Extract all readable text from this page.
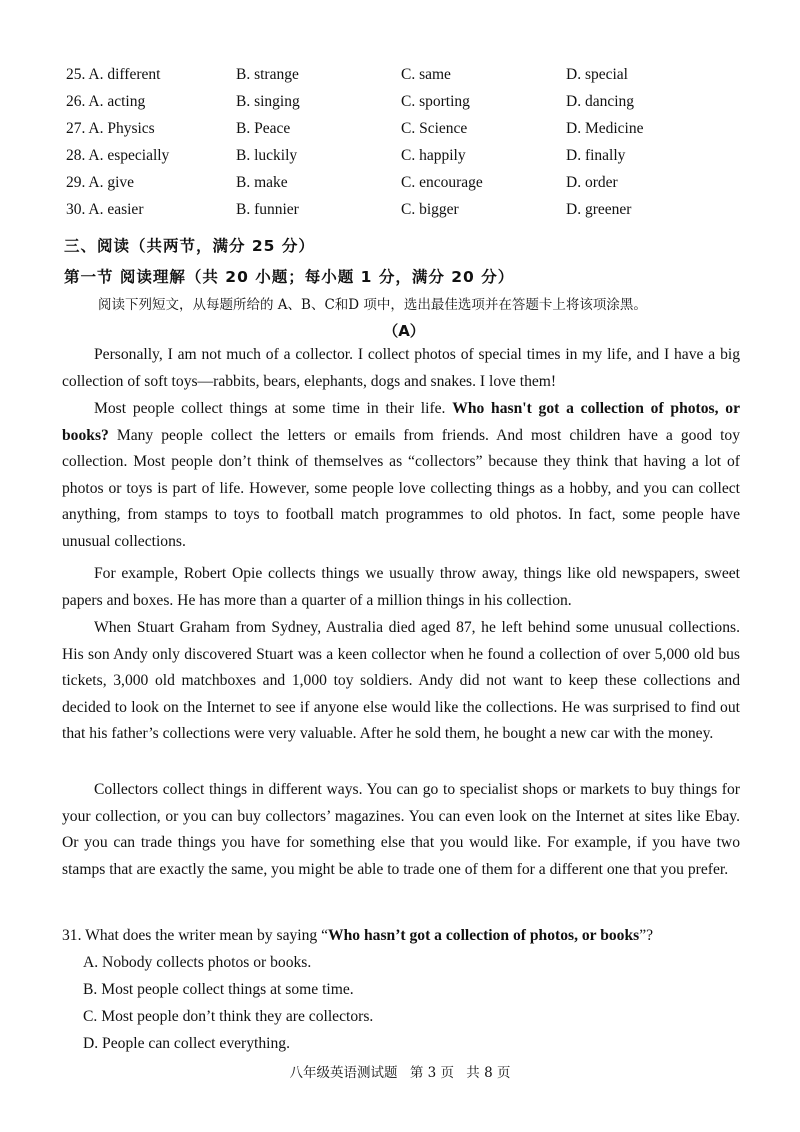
25. A. different	B. strange	C. same	D. special
26. A. acting	B. singing	C. sporting	D. dancing
27. A. Physics	B. Peace	C. Science	D. Medicine
28. A. especially	B. luckily	C. happily	D. finally
29. A. give	B. make	C. encourage	D. order
30. A. easier	B. funnier	C. bigger	D. greener
三、阅读（共两节，满分 25 分）
第一节 阅读理解（共 20 小题；每小题 1 分，满分 20 分）
阅读下列短文，从每题所给的 A、B、C和D 项中，选出最佳选项并在答题卡上将该项涂黑。
（A）

Personally, I am not much of a collector. I collect photos of special times in my life, and I have a big collection of soft toys—rabbits, bears, elephants, dogs and snakes. I love them!

Most people collect things at some time in their life. Who hasn't got a collection of photos, or books? Many people collect the letters or emails from friends. And most children have a good toy collection. Most people don’t think of themselves as “collectors” because they think that having a lot of photos or toys is part of life. However, some people love collecting things as a hobby, and you can collect anything, from stamps to toys to football match programmes to old photos. In fact, some people have unusual collections.

For example, Robert Opie collects things we usually throw away, things like old newspapers, sweet papers and boxes. He has more than a quarter of a million things in his collection.

When Stuart Graham from Sydney, Australia died aged 87, he left behind some unusual collections. His son Andy only discovered Stuart was a keen collector when he found a collection of over 5,000 old bus tickets, 3,000 old matchboxes and 1,000 toy soldiers. Andy did not want to keep these collections and decided to look on the Internet to see if anyone else would like the collections. He was surprised to find out that his father’s collections were very valuable. After he sold them, he bought a new car with the money.

Collectors collect things in different ways. You can go to specialist shops or markets to buy things for your collection, or you can buy collectors’ magazines. You can even look on the Internet at sites like Ebay. Or you can trade things you have for something else that you would like. For example, if you have two stamps that are exactly the same, you might be able to trade one of them for a different one that you prefer.

31. What does the writer mean by saying “Who hasn’t got a collection of photos, or books”?
A. Nobody collects photos or books.
B. Most people collect things at some time.
C. Most people don’t think they are collectors.
D. People can collect everything.
八年级英语测试题 第 3 页 共 8 页
